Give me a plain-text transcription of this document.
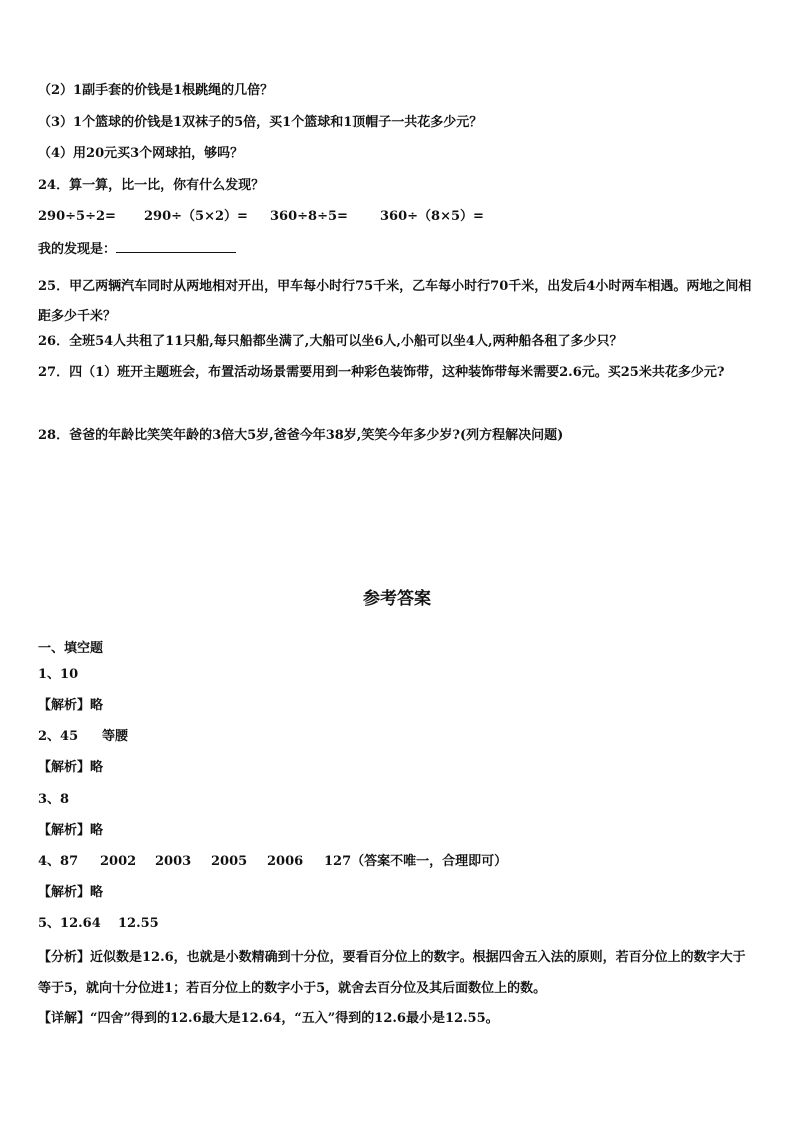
（2）1副手套的价钱是1根跳绳的几倍？
（3）1个篮球的价钱是1双袜子的5倍，买1个篮球和1顶帽子一共花多少元？
（4）用20元买3个网球拍，够吗？
24．算一算，比一比，你有什么发现？
290÷5÷2= 290÷（5×2）= 360÷8÷5= 360÷（8×5）=
我的发现是：
25．甲乙两辆汽车同时从两地相对开出，甲车每小时行75千米，乙车每小时行70千米，出发后4小时两车相遇。两地之间相距多少千米？
26．全班54人共租了11只船,每只船都坐满了,大船可以坐6人,小船可以坐4人,两种船各租了多少只？
27．四（1）班开主题班会，布置活动场景需要用到一种彩色装饰带，这种装饰带每米需要2.6元。买25米共花多少元?
28．爸爸的年龄比笑笑年龄的3倍大5岁,爸爸今年38岁,笑笑今年多少岁?(列方程解决问题)
参考答案
一、填空题
1、10
【解析】略
2、45 等腰
【解析】略
3、8
【解析】略
4、87 2002 2003 2005 2006 127（答案不唯一，合理即可）
【解析】略
5、12.64 12.55
【分析】近似数是12.6，也就是小数精确到十分位，要看百分位上的数字。根据四舍五入法的原则，若百分位上的数字大于等于5，就向十分位进1；若百分位上的数字小于5，就舍去百分位及其后面数位上的数。
【详解】“四舍”得到的12.6最大是12.64，“五入”得到的12.6最小是12.55。
